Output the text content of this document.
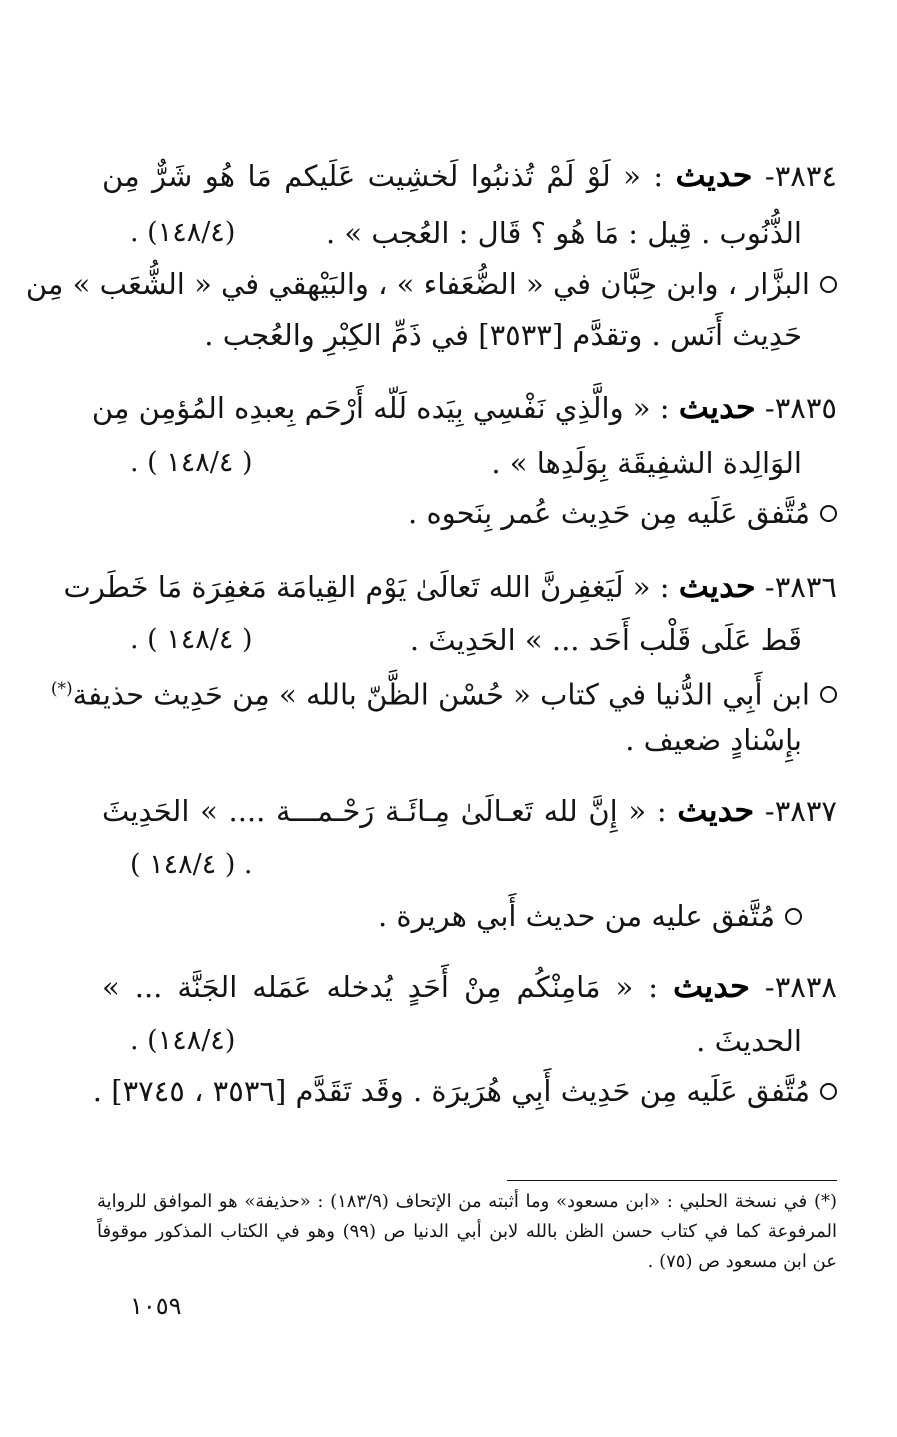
٣٨٣٤- حديث : « لَوْ لَمْ تُذنبُوا لَخشِيت عَلَيكم مَا هُو شَرٌّ مِن
الذُّنُوب . قِيل : مَا هُو ؟ قَال : العُجب » .
(١٤٨/٤) .
البزَّار ، وابن حِبَّان في « الضُّعَفاء » ، والبَيْهقي في « الشُّعَب » مِن
حَدِيث أَنَس . وتقدَّم [٣٥٣٣] في ذَمِّ الكِبْرِ والعُجب .
٣٨٣٥- حديث : « والَّذِي نَفْسِي بِيَده لَلّه أَرْحَم بِعبدِه المُؤمِن مِن
الوَالِدة الشفِيقَة بِوَلَدِها » .
( ١٤٨/٤ ) .
مُتَّفق عَلَيه مِن حَدِيث عُمر بِنَحوه .
٣٨٣٦- حديث : « لَيَغفِرنَّ الله تَعالَىٰ يَوْم القِيامَة مَغفِرَة مَا خَطَرت
قَط عَلَى قَلْب أَحَد ... » الحَدِيثَ .
( ١٤٨/٤ ) .
ابن أَبِي الدُّنيا في كتاب « حُسْن الظَّنّ بالله » مِن حَدِيث حذيفة(*)
بإِسْنادٍ ضعيف .
٣٨٣٧- حديث : « إِنَّ لله تَعـالَىٰ مِـائَـة رَحْـمـــة .... » الحَدِيثَ
. ( ١٤٨/٤ )
مُتَّفق عليه من حديث أَبي هريرة .
٣٨٣٨- حديث : « مَامِنْكُم مِنْ أَحَدٍ يُدخله عَمَله الجَنَّة ... »
الحديثَ .
(١٤٨/٤) .
مُتَّفق عَلَيه مِن حَدِيث أَبِي هُرَيرَة . وقَد تَقَدَّم [٣٥٣٦ ، ٣٧٤٥] .
(*) في نسخة الحلبي : «ابن مسعود» وما أثبته من الإتحاف (١٨٣/٩) : «حذيفة» هو الموافق للرواية
المرفوعة كما في كتاب حسن الظن بالله لابن أبي الدنيا ص (٩٩) وهو في الكتاب المذكور موقوفاً
عن ابن مسعود ص (٧٥) .
١٠٥٩
